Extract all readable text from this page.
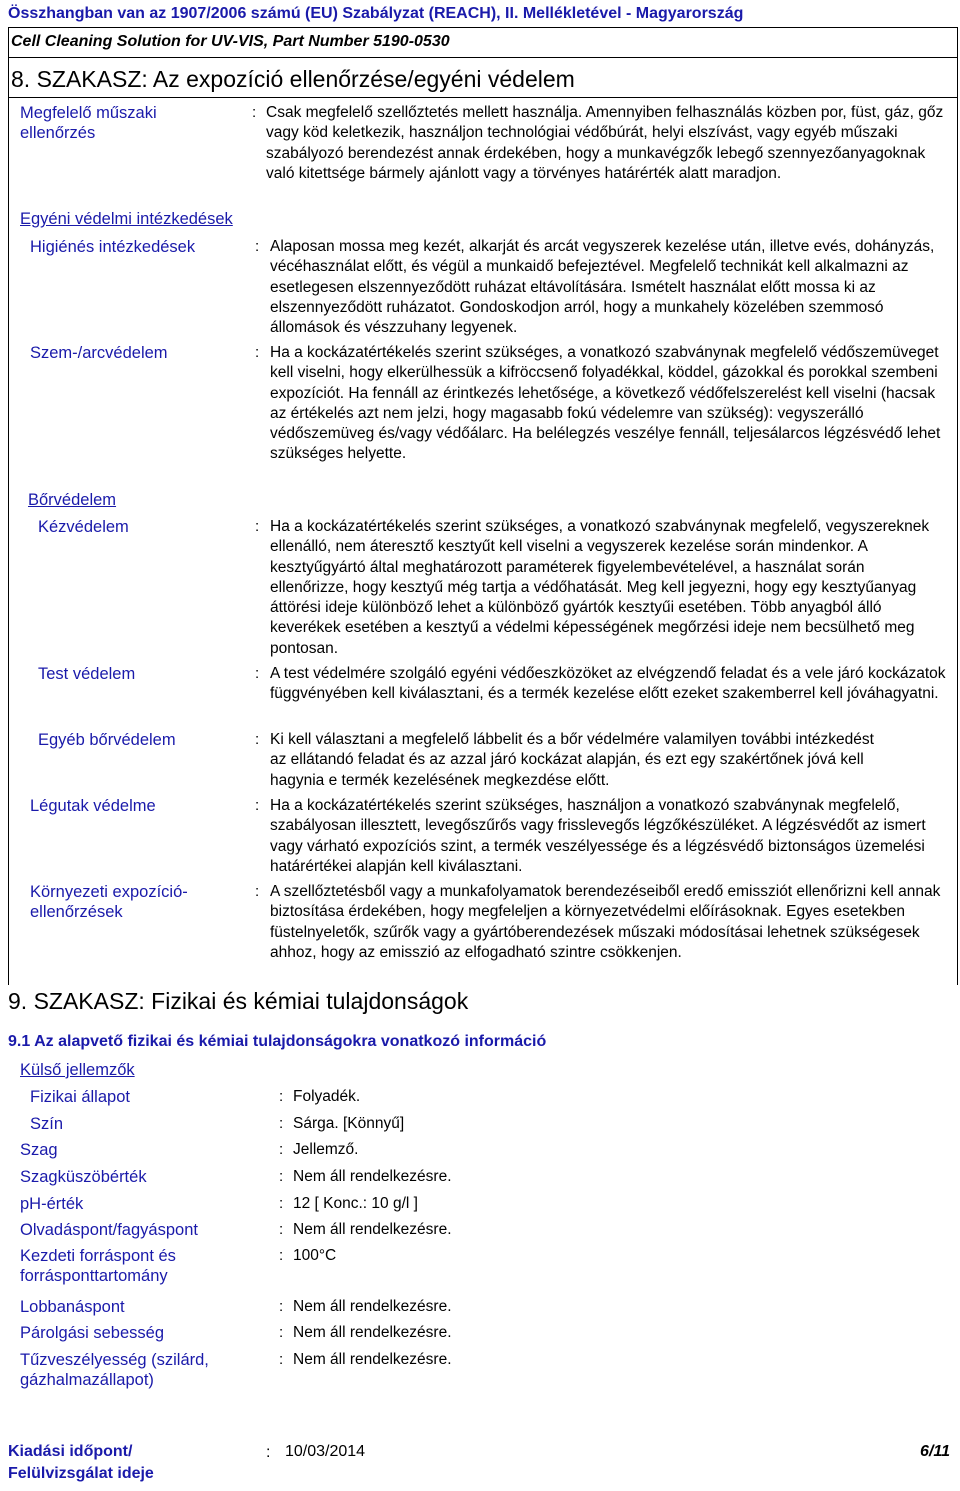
Összhangban van az 1907/2006 számú (EU) Szabályzat (REACH), II. Mellékletével - Magyarország
Cell Cleaning Solution for UV-VIS, Part Number 5190-0530
8. SZAKASZ: Az expozíció ellenőrzése/egyéni védelem
Megfelelő műszaki
ellenőrzés
: Csak megfelelő szellőztetés mellett használja. Amennyiben felhasználás közben por, füst, gáz, gőz vagy köd keletkezik, használjon technológiai védőbúrát, helyi elszívást, vagy egyéb műszaki szabályozó berendezést annak érdekében, hogy a munkavégzők lebegő szennyezőanyagoknak való kitettsége bármely ajánlott vagy a törvényes határérték alatt maradjon.
Egyéni védelmi intézkedések
Higiénés intézkedések	: Alaposan mossa meg kezét, alkarját és arcát vegyszerek kezelése után, illetve evés, dohányzás, vécéhasználat előtt, és végül a munkaidő befejeztével. Megfelelő technikát kell alkalmazni az esetlegesen elszennyeződött ruházat eltávolítására. Ismételt használat előtt mossa ki az elszennyeződött ruházatot. Gondoskodjon arról, hogy a munkahely közelében szemmosó állomások és vészzuhany legyenek.
Szem-/arcvédelem	: Ha a kockázatértékelés szerint szükséges, a vonatkozó szabványnak megfelelő védőszemüveget kell viselni, hogy elkerülhessük a kifröccsenő folyadékkal, köddel, gázokkal és porokkal szembeni expozíciót. Ha fennáll az érintkezés lehetősége, a következő védőfelszerelést kell viselni (hacsak az értékelés azt nem jelzi, hogy magasabb fokú védelemre van szükség): vegyszerálló védőszemüveg és/vagy védőálarc. Ha belélegzés veszélye fennáll, teljesálarcos légzésvédő lehet szükséges helyette.
Bőrvédelem
Kézvédelem	: Ha a kockázatértékelés szerint szükséges, a vonatkozó szabványnak megfelelő, vegyszereknek ellenálló, nem áteresztő kesztyűt kell viselni a vegyszerek kezelése során mindenkor. A kesztyűgyártó által meghatározott paraméterek figyelembevételével, a használat során ellenőrizze, hogy kesztyű még tartja a védőhatását. Meg kell jegyezni, hogy egy kesztyűanyag áttörési ideje különböző lehet a különböző gyártók kesztyűi esetében. Több anyagból álló keverékek esetében a kesztyű a védelmi képességének megőrzési ideje nem becsülhető meg pontosan.
Test védelem	: A test védelmére szolgáló egyéni védőeszközöket az elvégzendő feladat és a vele járó kockázatok függvényében kell kiválasztani, és a termék kezelése előtt ezeket szakemberrel kell jóváhagyatni.
Egyéb bőrvédelem	: Ki kell választani a megfelelő lábbelit és a bőr védelmére valamilyen további intézkedést az ellátandó feladat és az azzal járó kockázat alapján, és ezt egy szakértőnek jóvá kell hagynia e termék kezelésének megkezdése előtt.
Légutak védelme	: Ha a kockázatértékelés szerint szükséges, használjon a vonatkozó szabványnak megfelelő, szabályosan illesztett, levegőszűrős vagy frisslevegős légzőkészüléket. A légzésvédőt az ismert vagy várható expozíciós szint, a termék veszélyessége és a légzésvédő biztonságos üzemelési határértékei alapján kell kiválasztani.
Környezeti expozíció-
ellenőrzések
: A szellőztetésből vagy a munkafolyamatok berendezéseiből eredő emissziót ellenőrizni kell annak biztosítása érdekében, hogy megfeleljen a környezetvédelmi előírásoknak. Egyes esetekben füstelnyeletők, szűrők vagy a gyártóberendezések műszaki módosításai lehetnek szükségesek ahhoz, hogy az emisszió az elfogadható szintre csökkenjen.
9. SZAKASZ: Fizikai és kémiai tulajdonságok
9.1 Az alapvető fizikai és kémiai tulajdonságokra vonatkozó információ
Külső jellemzők
Fizikai állapot	: Folyadék.
Szín	: Sárga. [Könnyű]
Szag	: Jellemző.
Szagküszöbérték	: Nem áll rendelkezésre.
pH-érték	: 12 [ Konc.: 10 g/l ]
Olvadáspont/fagyáspont	: Nem áll rendelkezésre.
Kezdeti forráspont és
forrásponttartomány
: 100°C
Lobbanáspont	: Nem áll rendelkezésre.
Párolgási sebesség	: Nem áll rendelkezésre.
Tűzveszélyesség (szilárd,
gázhalmazállapot)
: Nem áll rendelkezésre.
Kiadási időpont/
Felülvizsgálat ideje
: 10/03/2014	6/11
